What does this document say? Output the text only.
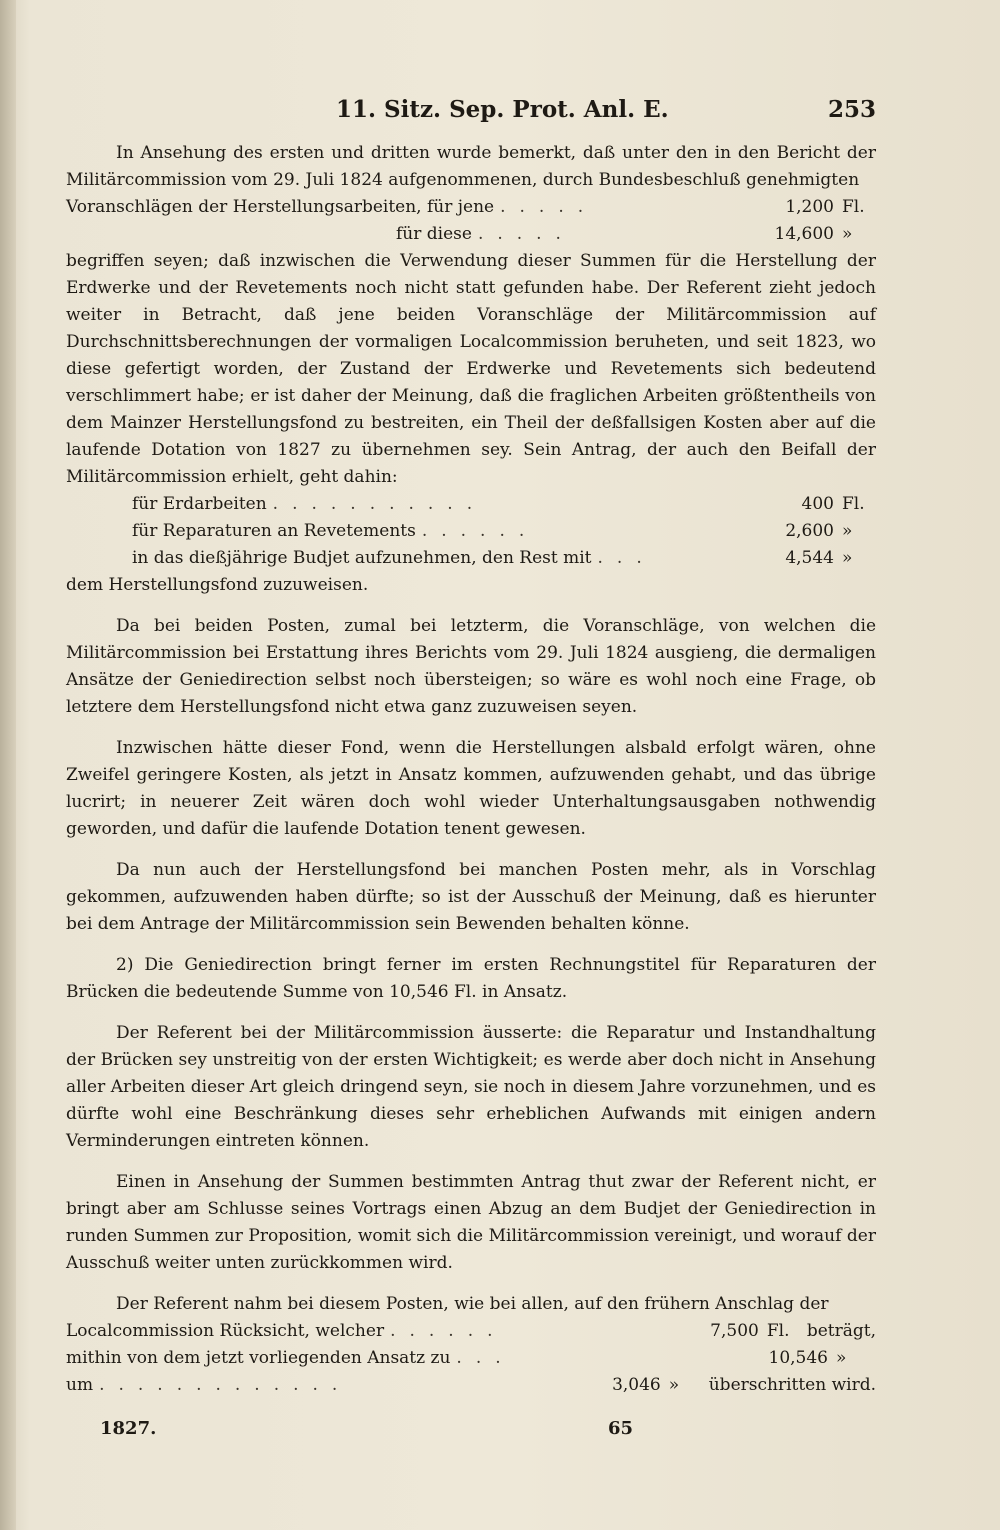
11. Sitz. Sep. Prot. Anl. E.	253

In Ansehung des ersten und dritten wurde bemerkt, daß unter den in den Bericht der Militärcommission vom 29. Juli 1824 aufgenommenen, durch Bundesbeschluß genehmigten

Voranschlägen der Herstellungsarbeiten, für jene .....	1,200 Fl.
für diese .....	14,600 »

begriffen seyen; daß inzwischen die Verwendung dieser Summen für die Herstellung der Erdwerke und der Revetements noch nicht statt gefunden habe. Der Referent zieht jedoch weiter in Betracht, daß jene beiden Voranschläge der Militärcommission auf Durchschnittsberechnungen der vormaligen Localcommission beruheten, und seit 1823, wo diese gefertigt worden, der Zustand der Erdwerke und Revetements sich bedeutend verschlimmert habe; er ist daher der Meinung, daß die fraglichen Arbeiten größtentheils von dem Mainzer Herstellungsfond zu bestreiten, ein Theil der deßfallsigen Kosten aber auf die laufende Dotation von 1827 zu übernehmen sey. Sein Antrag, der auch den Beifall der Militärcommission erhielt, geht dahin:

für Erdarbeiten ...........	400 Fl.
für Reparaturen an Revetements ......	2,600 »
in das dießjährige Budjet aufzunehmen, den Rest mit ...	4,544 »

dem Herstellungsfond zuzuweisen.

Da bei beiden Posten, zumal bei letzterm, die Voranschläge, von welchen die Militärcommission bei Erstattung ihres Berichts vom 29. Juli 1824 ausgieng, die dermaligen Ansätze der Geniedirection selbst noch übersteigen; so wäre es wohl noch eine Frage, ob letztere dem Herstellungsfond nicht etwa ganz zuzuweisen seyen.

Inzwischen hätte dieser Fond, wenn die Herstellungen alsbald erfolgt wären, ohne Zweifel geringere Kosten, als jetzt in Ansatz kommen, aufzuwenden gehabt, und das übrige lucrirt; in neuerer Zeit wären doch wohl wieder Unterhaltungsausgaben nothwendig geworden, und dafür die laufende Dotation tenent gewesen.

Da nun auch der Herstellungsfond bei manchen Posten mehr, als in Vorschlag gekommen, aufzuwenden haben dürfte; so ist der Ausschuß der Meinung, daß es hierunter bei dem Antrage der Militärcommission sein Bewenden behalten könne.

2) Die Geniedirection bringt ferner im ersten Rechnungstitel für Reparaturen der Brücken die bedeutende Summe von 10,546 Fl. in Ansatz.

Der Referent bei der Militärcommission äusserte: die Reparatur und Instandhaltung der Brücken sey unstreitig von der ersten Wichtigkeit; es werde aber doch nicht in Ansehung aller Arbeiten dieser Art gleich dringend seyn, sie noch in diesem Jahre vorzunehmen, und es dürfte wohl eine Beschränkung dieses sehr erheblichen Aufwands mit einigen andern Verminderungen eintreten können.

Einen in Ansehung der Summen bestimmten Antrag thut zwar der Referent nicht, er bringt aber am Schlusse seines Vortrags einen Abzug an dem Budjet der Geniedirection in runden Summen zur Proposition, womit sich die Militärcommission vereinigt, und worauf der Ausschuß weiter unten zurückkommen wird.

Der Referent nahm bei diesem Posten, wie bei allen, auf den frühern Anschlag der

Localcommission Rücksicht, welcher ......	7,500 Fl.	beträgt,
mithin von dem jetzt vorliegenden Ansatz zu ...	10,546 »
um .............	3,046 »	überschritten wird.
1827.	65
